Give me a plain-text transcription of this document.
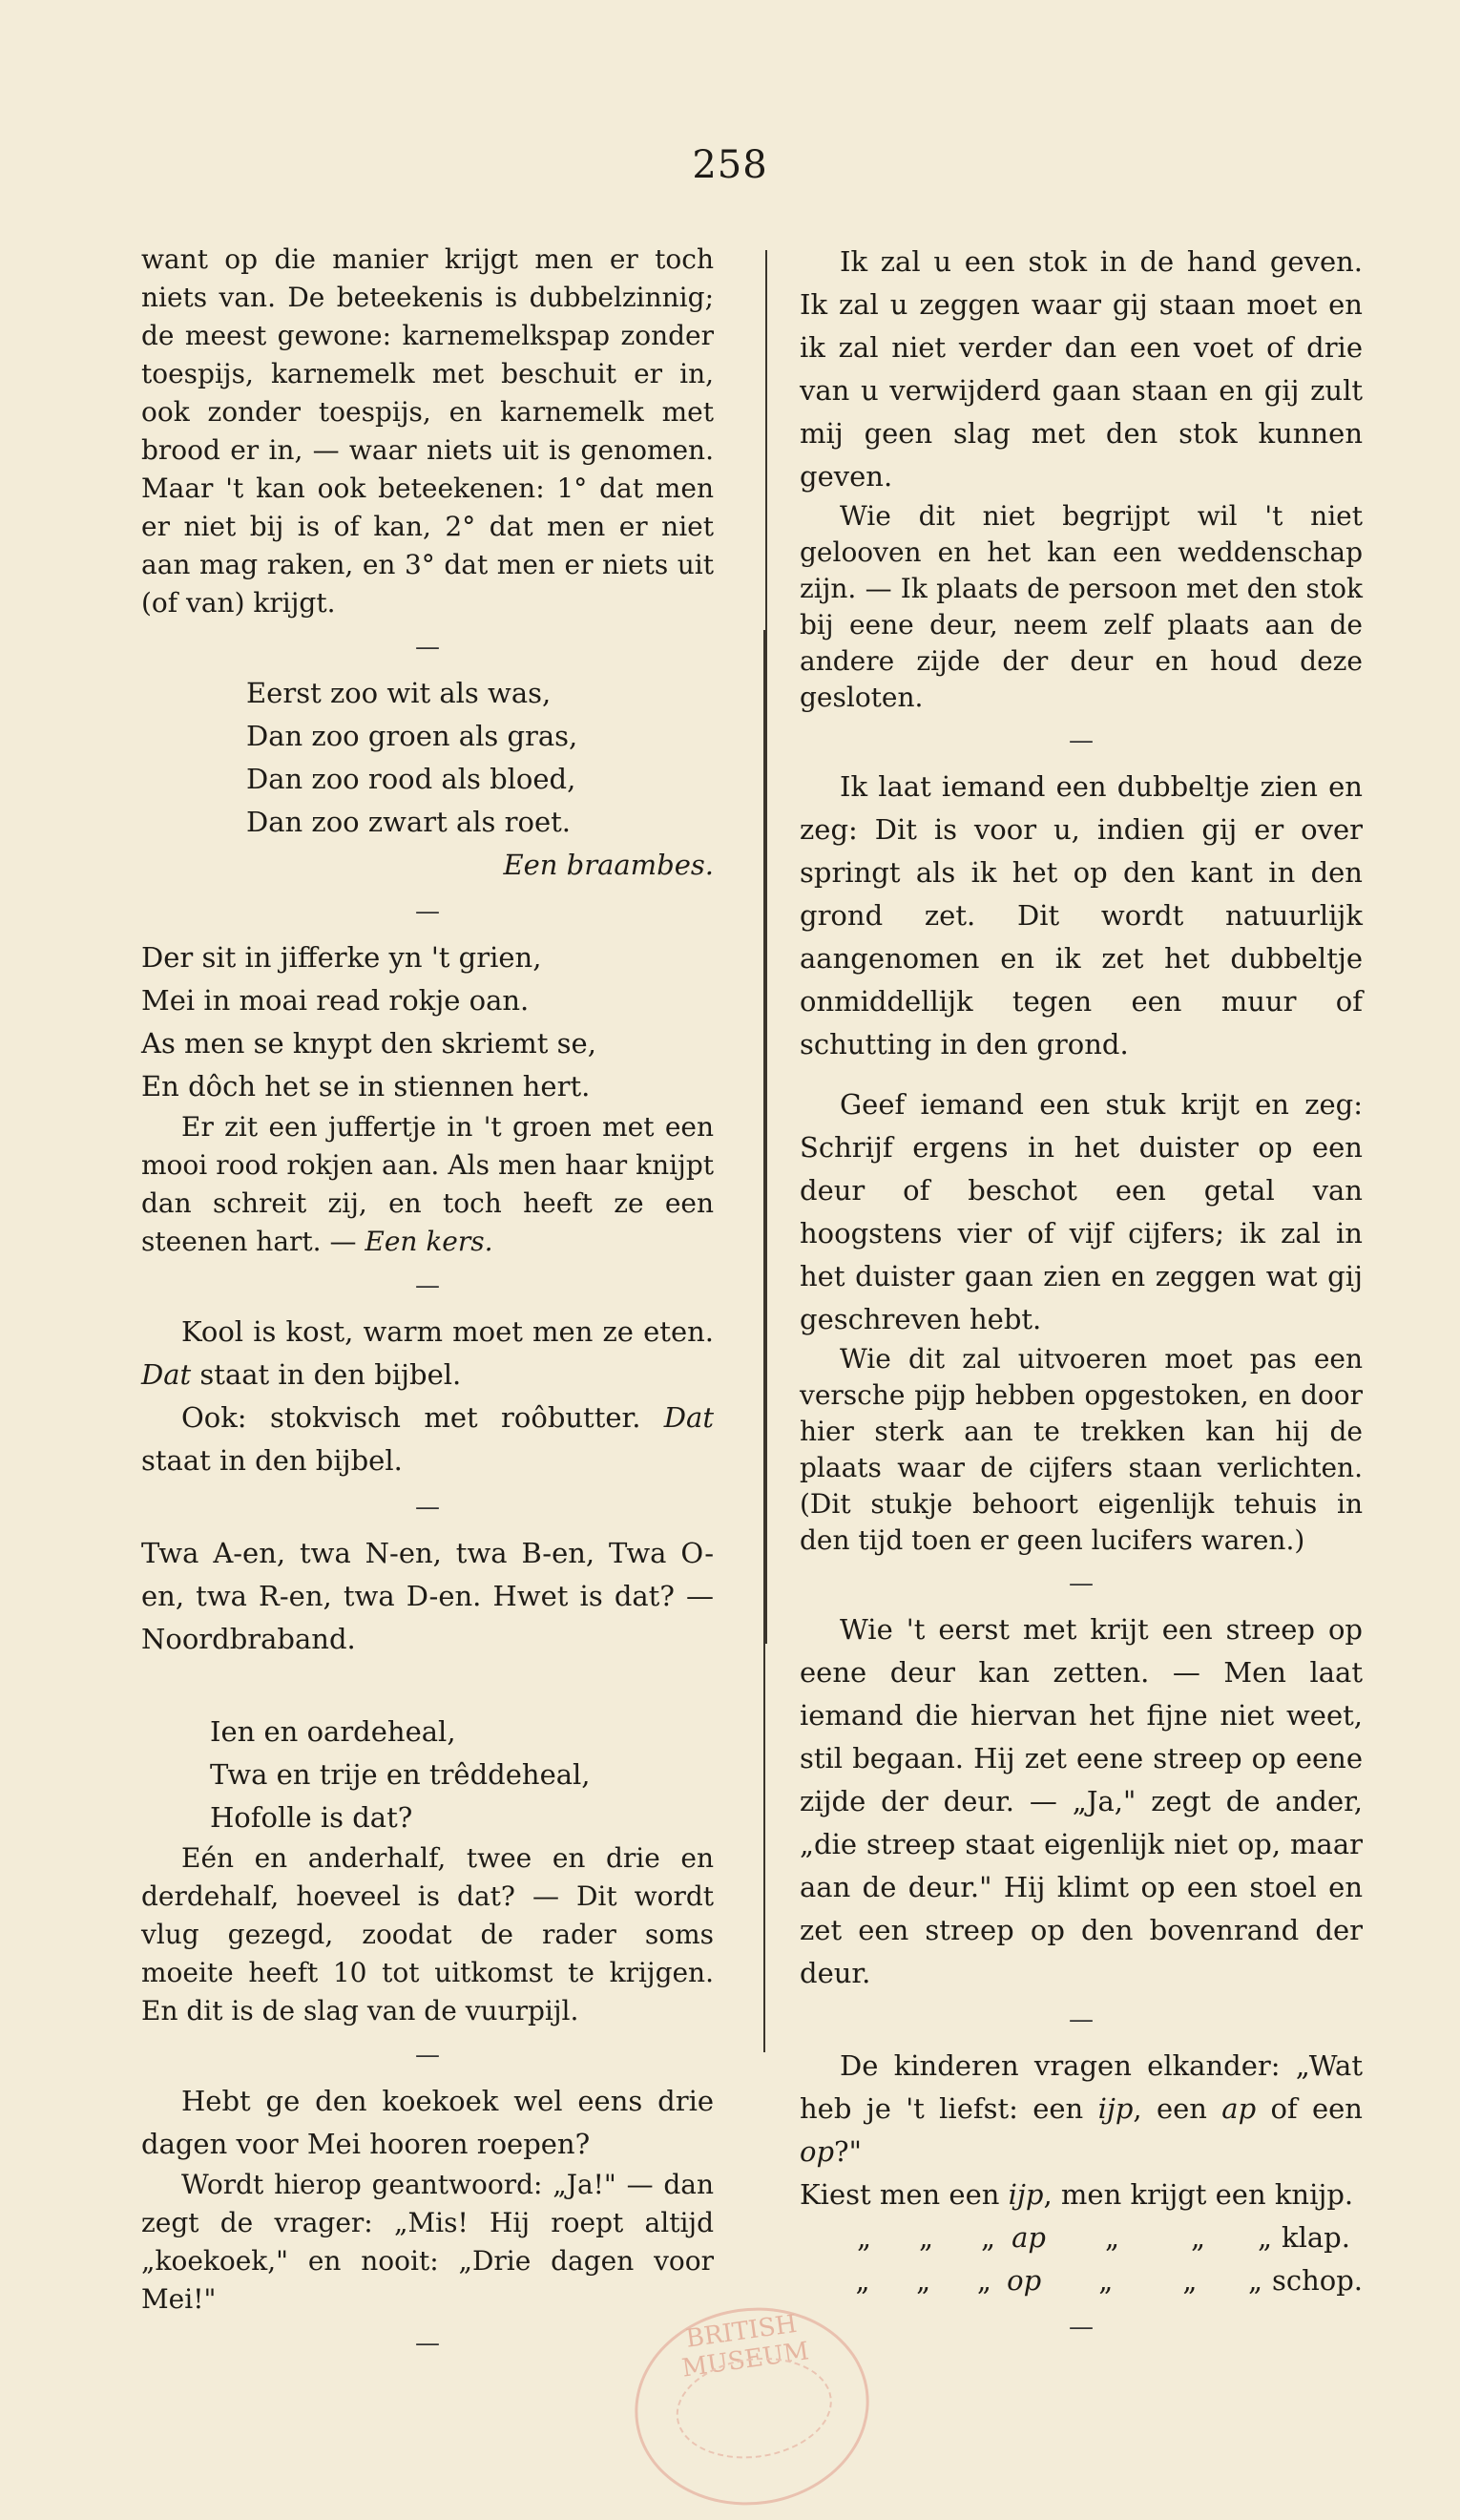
258

want op die manier krijgt men er toch niets van. De beteekenis is dubbelzinnig; de meest gewone: karnemelkspap zonder toespijs, karnemelk met beschuit er in, ook zonder toespijs, en karnemelk met brood er in, — waar niets uit is genomen. Maar 't kan ook beteekenen: 1° dat men er niet bij is of kan, 2° dat men er niet aan mag raken, en 3° dat men er niets uit (of van) krijgt.

—
Eerst zoo wit als was,
Dan zoo groen als gras,
Dan zoo rood als bloed,
Dan zoo zwart als roet.
Een braambes.
—
Der sit in jifferke yn 't grien,
Mei in moai read rokje oan.
As men se knypt den skriemt se,
En dôch het se in stiennen hert.

Er zit een juffertje in 't groen met een mooi rood rokjen aan. Als men haar knijpt dan schreit zij, en toch heeft ze een steenen hart. — Een kers.

—

Kool is kost, warm moet men ze eten. Dat staat in den bijbel.

Ook: stokvisch met roôbutter. Dat staat in den bijbel.

—

Twa A-en, twa N-en, twa B-en, Twa O-en, twa R-en, twa D-en. Hwet is dat? — Noordbraband.

Ien en oardeheal,
Twa en trije en trêddeheal,
Hofolle is dat?

Eén en anderhalf, twee en drie en derdehalf, hoeveel is dat? — Dit wordt vlug gezegd, zoodat de rader soms moeite heeft 10 tot uitkomst te krijgen. En dit is de slag van de vuurpijl.

—

Hebt ge den koekoek wel eens drie dagen voor Mei hooren roepen?

Wordt hierop geantwoord: „Ja!" — dan zegt de vrager: „Mis! Hij roept altijd „koekoek," en nooit: „Drie dagen voor Mei!"

—

Ik zal u een stok in de hand geven. Ik zal u zeggen waar gij staan moet en ik zal niet verder dan een voet of drie van u verwijderd gaan staan en gij zult mij geen slag met den stok kunnen geven.

Wie dit niet begrijpt wil 't niet gelooven en het kan een weddenschap zijn. — Ik plaats de persoon met den stok bij eene deur, neem zelf plaats aan de andere zijde der deur en houd deze gesloten.

—

Ik laat iemand een dubbeltje zien en zeg: Dit is voor u, indien gij er over springt als ik het op den kant in den grond zet. Dit wordt natuurlijk aangenomen en ik zet het dubbeltje onmiddellijk tegen een muur of schutting in den grond.

Geef iemand een stuk krijt en zeg: Schrijf ergens in het duister op een deur of beschot een getal van hoogstens vier of vijf cijfers; ik zal in het duister gaan zien en zeggen wat gij geschreven hebt.

Wie dit zal uitvoeren moet pas een versche pijp hebben opgestoken, en door hier sterk aan te trekken kan hij de plaats waar de cijfers staan verlichten. (Dit stukje behoort eigenlijk tehuis in den tijd toen er geen lucifers waren.)

—

Wie 't eerst met krijt een streep op eene deur kan zetten. — Men laat iemand die hiervan het fijne niet weet, stil begaan. Hij zet eene streep op eene zijde der deur. — „Ja," zegt de ander, „die streep staat eigenlijk niet op, maar aan de deur." Hij klimt op een stoel en zet een streep op den bovenrand der deur.

—

De kinderen vragen elkander: „Wat heb je 't liefst: een ijp, een ap of een op?"

Kiest men een ijp, men krijgt een knijp.

„	„	„ ap	„	„	„ klap.
„	„	„ op	„	„	„ schop.
—
BRITISH MUSEUM
